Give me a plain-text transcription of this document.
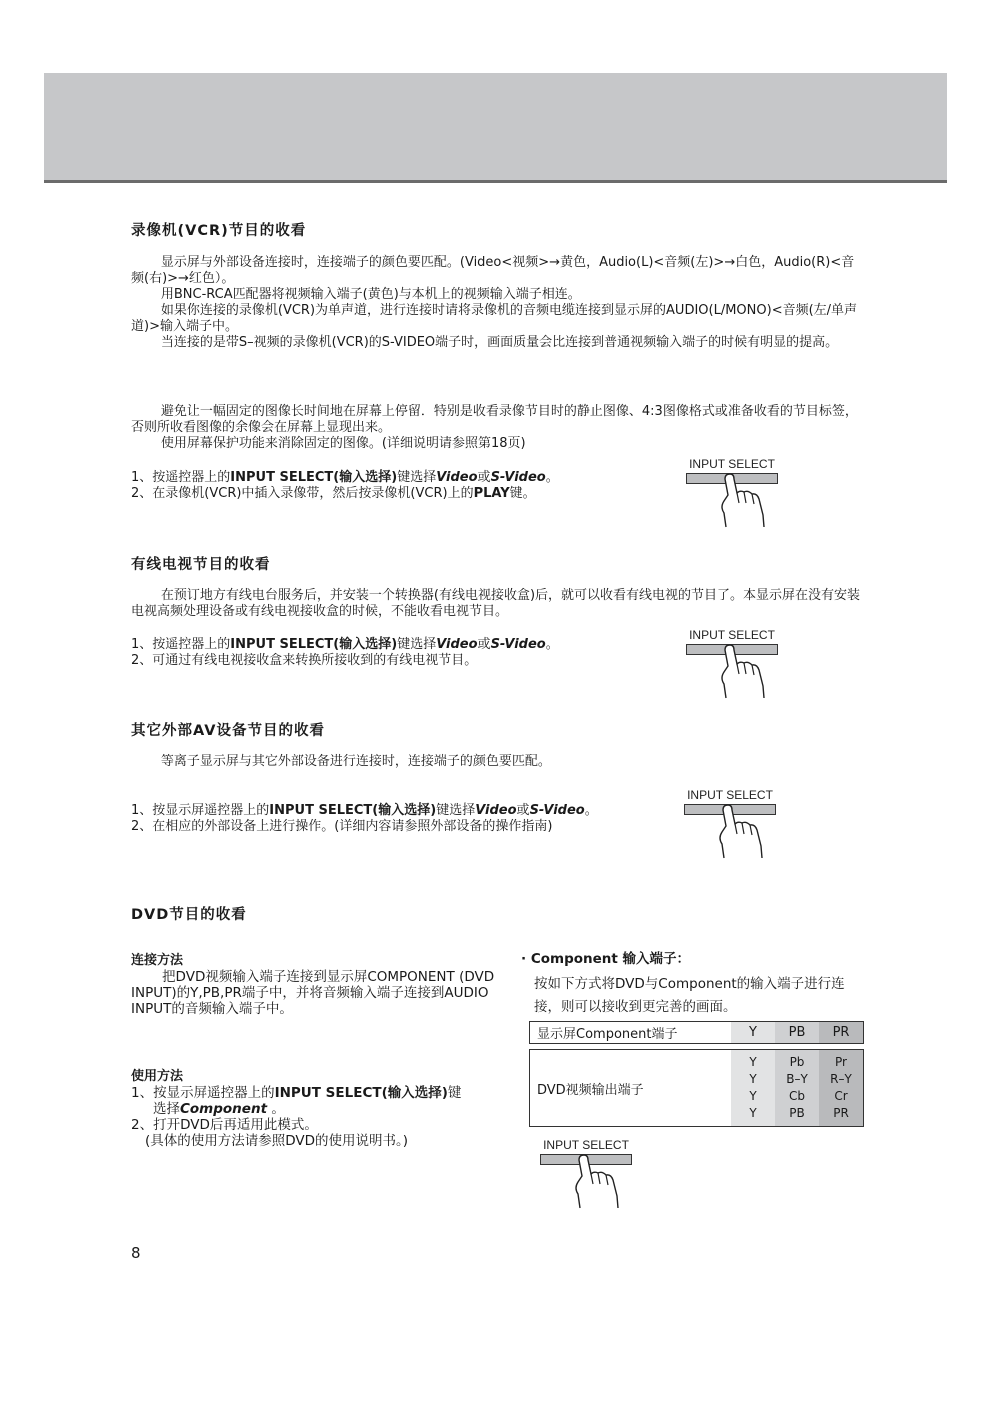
录像机(VCR)节目的收看
显示屏与外部设备连接时，连接端子的颜色要匹配。(Video<视频>→黄色，Audio(L)<音频(左)>→白色，Audio(R)<音频(右)>→红色）。
用BNC-RCA匹配器将视频输入端子(黄色)与本机上的视频输入端子相连。
如果你连接的录像机(VCR)为单声道，进行连接时请将录像机的音频电缆连接到显示屏的AUDIO(L/MONO)<音频(左/单声道)>输入端子中。
当连接的是带S–视频的录像机(VCR)的S-VIDEO端子时，画面质量会比连接到普通视频输入端子的时候有明显的提高。
避免让一幅固定的图像长时间地在屏幕上停留．特别是收看录像节目时的静止图像、4:3图像格式或准备收看的节目标签，否则所收看图像的余像会在屏幕上显现出来。
使用屏幕保护功能来消除固定的图像。(详细说明请参照第18页)
1、按遥控器上的INPUT SELECT(输入选择)键选择Video或S-Video。
2、在录像机(VCR)中插入录像带，然后按录像机(VCR)上的PLAY键。
INPUT SELECT
有线电视节目的收看
在预订地方有线电台服务后，并安装一个转换器(有线电视接收盒)后，就可以收看有线电视的节目了。本显示屏在没有安装电视高频处理设备或有线电视接收盒的时候，不能收看电视节目。
1、按遥控器上的INPUT SELECT(输入选择)键选择Video或S-Video。
2、可通过有线电视接收盒来转换所接收到的有线电视节目。
INPUT SELECT
其它外部AV设备节目的收看
等离子显示屏与其它外部设备进行连接时，连接端子的颜色要匹配。
1、按显示屏遥控器上的INPUT SELECT(输入选择)键选择Video或S-Video。
2、在相应的外部设备上进行操作。(详细内容请参照外部设备的操作指南)
INPUT SELECT
DVD节目的收看
连接方法
把DVD视频输入端子连接到显示屏COMPONENT (DVD INPUT)的Y,PB,PR端子中，并将音频输入端子连接到AUDIO INPUT的音频输入端子中。
使用方法
1、按显示屏遥控器上的INPUT SELECT(输入选择)键
选择Component 。
2、打开DVD后再适用此模式。
(具体的使用方法请参照DVD的使用说明书。)
· Component 输入端子：
按如下方式将DVD与Component的输入端子进行连接，则可以接收到更完善的画面。
显示屏Component端子	Y PB PR
DVD视频输出端子
Y
Y
Y
Y
Pb
B–Y
Cb
PB
Pr
R–Y
Cr
PR
INPUT SELECT
8
